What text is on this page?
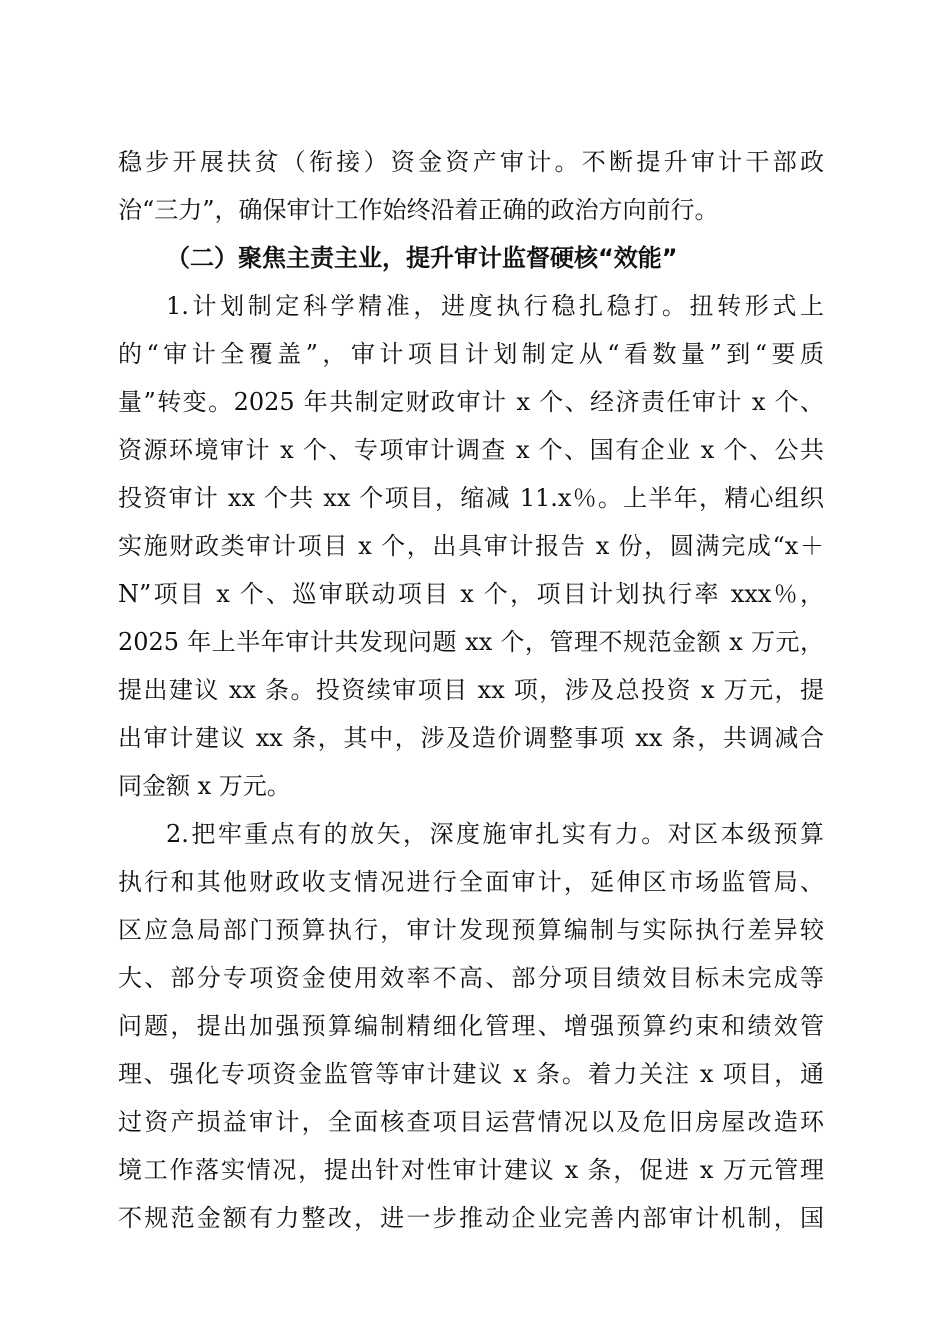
稳步开展扶贫（衔接）资金资产审计。不断提升审计干部政
治“三力”，确保审计工作始终沿着正确的政治方向前行。
（二）聚焦主责主业，提升审计监督硬核“效能”
1.计划制定科学精准，进度执行稳扎稳打。扭转形式上
的“审计全覆盖”，审计项目计划制定从“看数量”到“要质
量”转变。2025 年共制定财政审计 x 个、经济责任审计 x 个、
资源环境审计 x 个、专项审计调查 x 个、国有企业 x 个、公共
投资审计 xx 个共 xx 个项目，缩减 11.x％。上半年，精心组织
实施财政类审计项目 x 个，出具审计报告 x 份，圆满完成“x＋
N”项目 x 个、巡审联动项目 x 个，项目计划执行率 xxx％，
2025 年上半年审计共发现问题 xx 个，管理不规范金额 x 万元，
提出建议 xx 条。投资续审项目 xx 项，涉及总投资 x 万元，提
出审计建议 xx 条，其中，涉及造价调整事项 xx 条，共调减合
同金额 x 万元。
2.把牢重点有的放矢，深度施审扎实有力。对区本级预算
执行和其他财政收支情况进行全面审计，延伸区市场监管局、
区应急局部门预算执行，审计发现预算编制与实际执行差异较
大、部分专项资金使用效率不高、部分项目绩效目标未完成等
问题，提出加强预算编制精细化管理、增强预算约束和绩效管
理、强化专项资金监管等审计建议 x 条。着力关注 x 项目，通
过资产损益审计，全面核查项目运营情况以及危旧房屋改造环
境工作落实情况，提出针对性审计建议 x 条，促进 x 万元管理
不规范金额有力整改，进一步推动企业完善内部审计机制，国
